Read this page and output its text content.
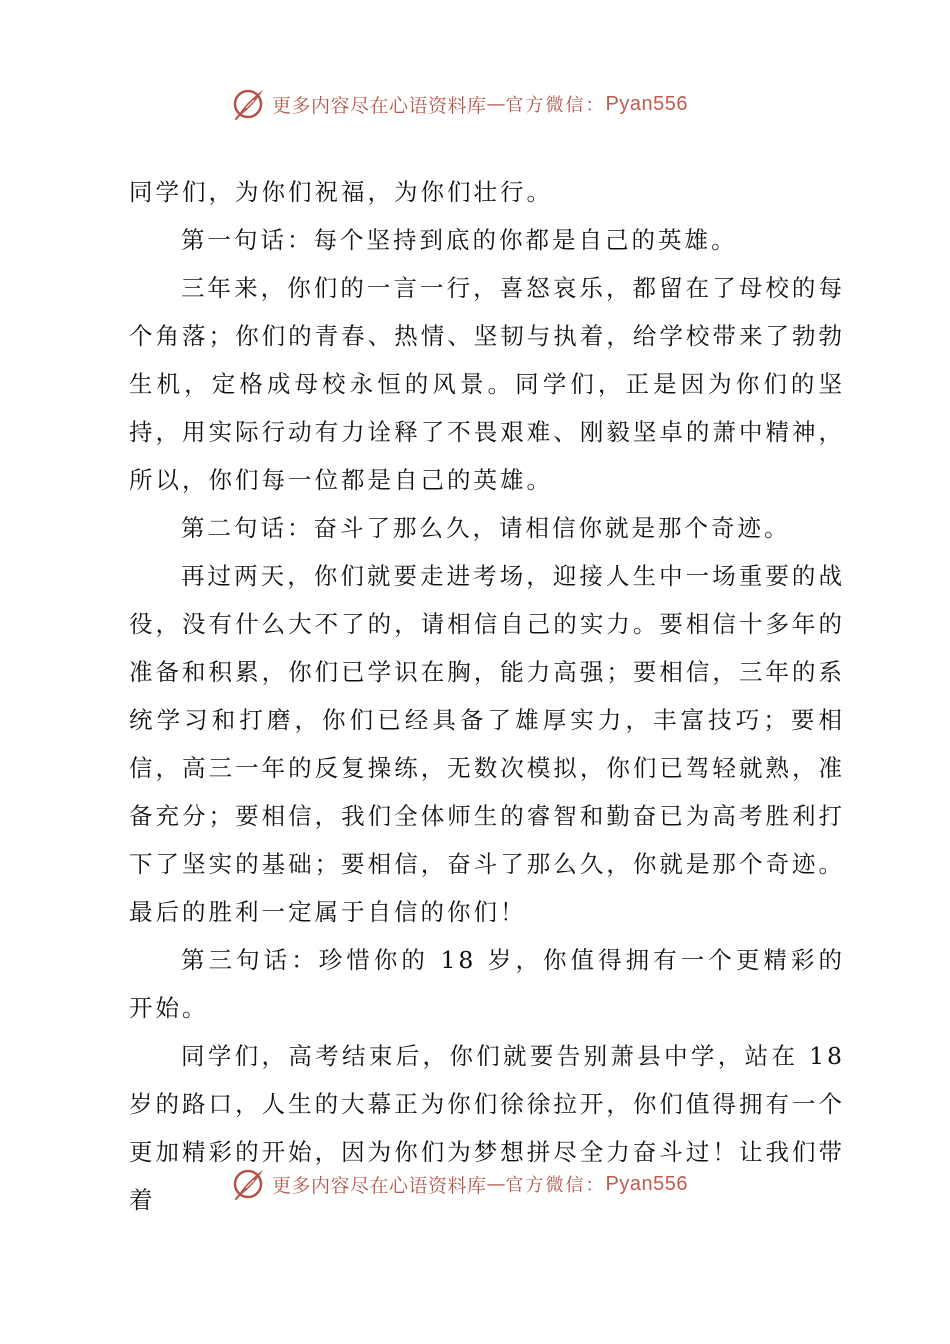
更多内容尽在心语资料库 — 官方微信： Pyan556

同学们，为你们祝福，为你们壮行。

第一句话：每个坚持到底的你都是自己的英雄。

三年来，你们的一言一行，喜怒哀乐，都留在了母校的每个角落；你们的青春、热情、坚韧与执着，给学校带来了勃勃生机，定格成母校永恒的风景。同学们，正是因为你们的坚持，用实际行动有力诠释了不畏艰难、刚毅坚卓的萧中精神，所以，你们每一位都是自己的英雄。

第二句话：奋斗了那么久，请相信你就是那个奇迹。

再过两天，你们就要走进考场，迎接人生中一场重要的战役，没有什么大不了的，请相信自己的实力。要相信十多年的准备和积累，你们已学识在胸，能力高强；要相信，三年的系统学习和打磨，你们已经具备了雄厚实力，丰富技巧；要相信，高三一年的反复操练，无数次模拟，你们已驾轻就熟，准备充分；要相信，我们全体师生的睿智和勤奋已为高考胜利打下了坚实的基础；要相信，奋斗了那么久，你就是那个奇迹。最后的胜利一定属于自信的你们！

第三句话：珍惜你的 18 岁，你值得拥有一个更精彩的开始。

同学们，高考结束后，你们就要告别萧县中学，站在 18 岁的路口，人生的大幕正为你们徐徐拉开，你们值得拥有一个更加精彩的开始，因为你们为梦想拼尽全力奋斗过！让我们带着

更多内容尽在心语资料库 — 官方微信： Pyan556
